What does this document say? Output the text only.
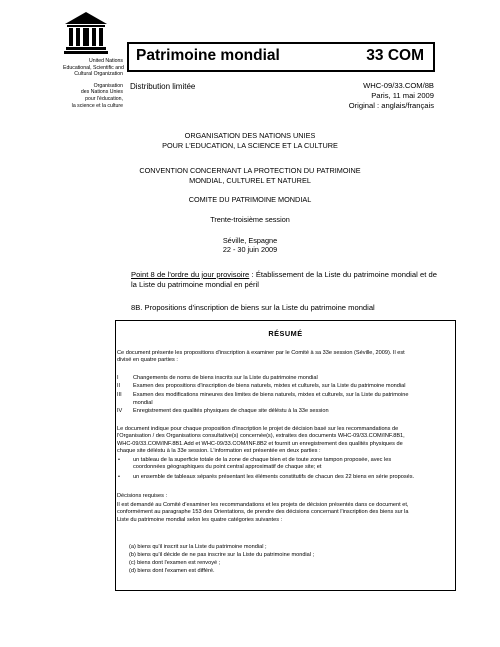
United Nations
Educational, Scientific and
Cultural Organization
Organisation
des Nations Unies
pour l'éducation,
la science et la culture
Patrimoine mondial	33 COM
Distribution limitée	WHC-09/33.COM/8B
Paris, 11 mai 2009
Original : anglais/français
ORGANISATION DES NATIONS UNIES
POUR L'EDUCATION, LA SCIENCE ET LA CULTURE
CONVENTION CONCERNANT LA PROTECTION DU PATRIMOINE
MONDIAL, CULTUREL ET NATUREL
COMITE DU PATRIMOINE MONDIAL
Trente-troisième session
Séville, Espagne
22 - 30 juin 2009
Point 8 de l'ordre du jour provisoire : Établissement de la Liste du patrimoine mondial et de la Liste du patrimoine mondial en péril
8B. Propositions d'inscription de biens sur la Liste du patrimoine mondial
RÉSUMÉ
Ce document présente les propositions d'inscription à examiner par le Comité à sa 33e session (Séville, 2009). Il est
divisé en quatre parties :
I	Changements de noms de biens inscrits sur la Liste du patrimoine mondial
II Examen des propositions d'inscription de biens naturels, mixtes et culturels, sur la Liste du patrimoine mondial
III Examen des modifications mineures des limites de biens naturels, mixtes et culturels, sur la Liste du patrimoine
mondial
IV Enregistrement des qualités physiques de chaque site déléstu à la 33e session
Le document indique pour chaque proposition d'inscription le projet de décision basé sur les recommandations de
l'Organisation / des Organisations consultative(s) concernée(s), extraites des documents WHC-09/33.COM/INF.8B1,
WHC-09/33.COM/INF.8B1.Add et WHC-09/33.COM/INF.8B2 et fournit un enregistrement des qualités physiques de
chaque site déléstu à la 33e session. L'information est présentée en deux parties :
• un tableau de la superficie totale de la zone de chaque bien et de toute zone tampon proposée, avec les
coordonnées géographiques du point central approximatif de chaque site; et
• un ensemble de tableaux séparés présentant les éléments constitutifs de chacun des 22 biens en série proposés.
Décisions requises :
Il est demandé au Comité d'examiner les recommandations et les projets de décision présentés dans ce document et,
conformément au paragraphe 153 des Orientations, de prendre des décisions concernant l'inscription des biens sur la
Liste du patrimoine mondial selon les quatre catégories suivantes :
(a) biens qu'il inscrit sur la Liste du patrimoine mondial ;
(b) biens qu'il décide de ne pas inscrire sur la Liste du patrimoine mondial ;
(c) biens dont l'examen est renvoyé ;
(d) biens dont l'examen est différé.
